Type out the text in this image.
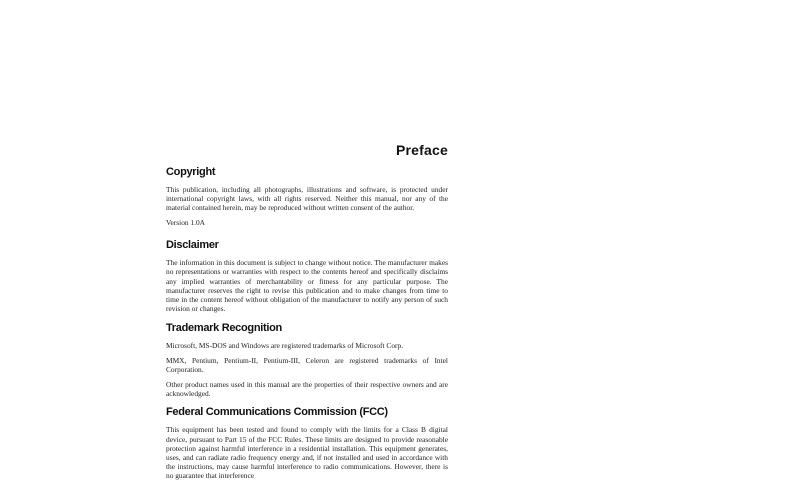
Preface
Copyright

This publication, including all photographs, illustrations and software, is protected under international copyright laws, with all rights reserved. Neither this manual, nor any of the material contained herein, may be reproduced without written consent of the author.

Version 1.0A

Disclaimer

The information in this document is subject to change without notice. The manufacturer makes no representations or warranties with respect to the contents hereof and specifically disclaims any implied warranties of merchantability or fitness for any particular purpose. The manufacturer reserves the right to revise this publication and to make changes from time to time in the content hereof without obligation of the manufacturer to notify any person of such revision or changes.

Trademark Recognition

Microsoft, MS-DOS and Windows are registered trademarks of Microsoft Corp.

MMX, Pentium, Pentium-II, Pentium-III, Celeron are registered trademarks of Intel Corporation.

Other product names used in this manual are the properties of their respective owners and are acknowledged.

Federal Communications Commission (FCC)

This equipment has been tested and found to comply with the limits for a Class B digital device, pursuant to Part 15 of the FCC Rules. These limits are designed to provide reasonable protection against harmful interference in a residential installation. This equipment generates, uses, and can radiate radio frequency energy and, if not installed and used in accordance with the instructions, may cause harmful interference to radio communications. However, there is no guarantee that interference
